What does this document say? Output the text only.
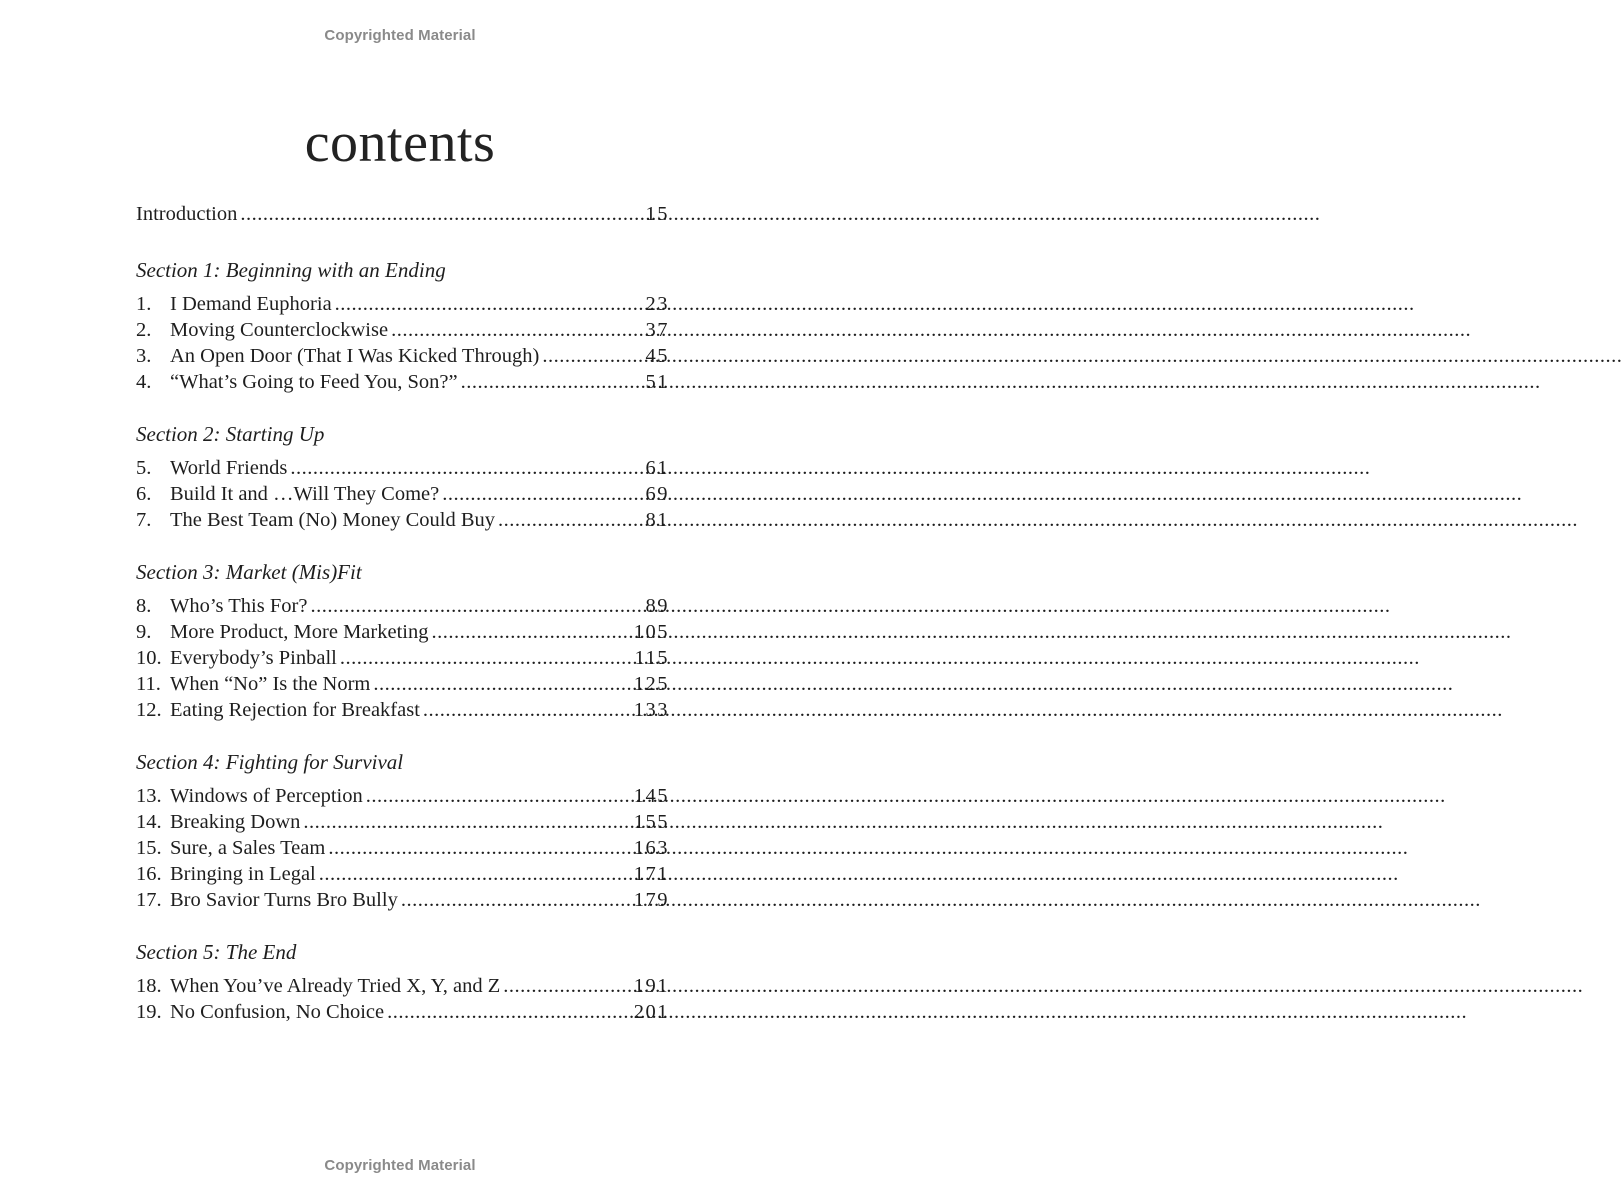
Copyrighted Material
contents
Introduction .....	15
Section 1: Beginning with an Ending
1. I Demand Euphoria .....	23
2. Moving Counterclockwise .....	37
3. An Open Door (That I Was Kicked Through) .....	45
4. “What’s Going to Feed You, Son?” .....	51
Section 2: Starting Up
5. World Friends .....	61
6. Build It and …Will They Come? .....	69
7. The Best Team (No) Money Could Buy .....	81
Section 3: Market (Mis)Fit
8. Who’s This For? .....	89
9. More Product, More Marketing .....	105
10. Everybody’s Pinball .....	115
11. When “No” Is the Norm .....	125
12. Eating Rejection for Breakfast .....	133
Section 4: Fighting for Survival
13. Windows of Perception .....	145
14. Breaking Down .....	155
15. Sure, a Sales Team .....	163
16. Bringing in Legal .....	171
17. Bro Savior Turns Bro Bully .....	179
Section 5: The End
18. When You’ve Already Tried X, Y, and Z .....	191
19. No Confusion, No Choice .....	201
Copyrighted Material
